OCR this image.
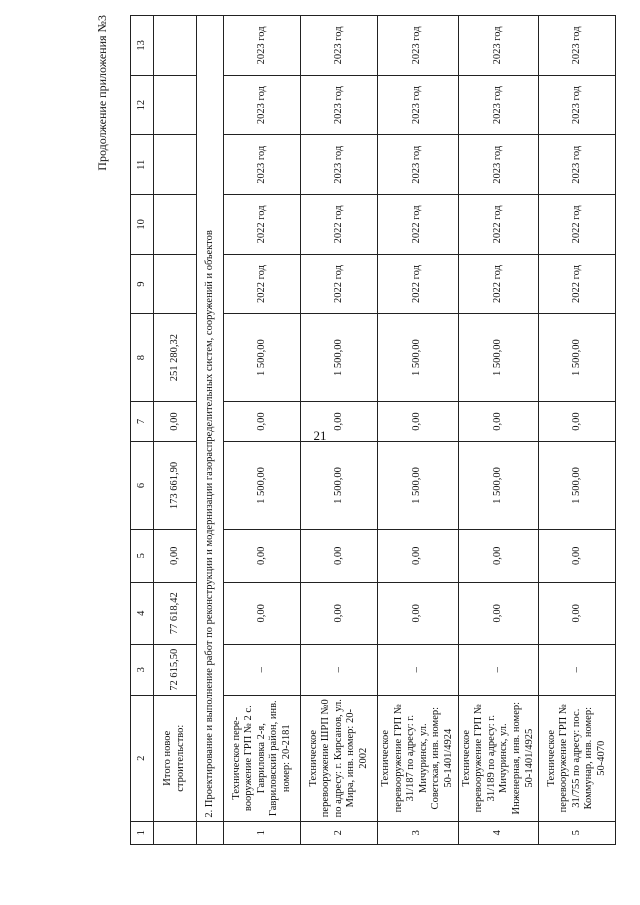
21
Продолжение приложения №3
1	2	3	4	5	6	7	8	9	10	11	12	13
	Итого новое строительство:	72 615,50	77 618,42	0,00	173 661,90	0,00	251 280,32					
	2. Проектирование и выполнение работ по реконструкции и модернизации газораспределительных систем, сооружений и объектов											
1	Техническое пере-вооружение ГРП № 2 с. Гавриловка 2-я, Гавриловский район, инв. номер: 20-2181	–	0,00	0,00	1 500,00	0,00	1 500,00	2022 год	2022 год	2023 год	2023 год	2023 год
2	Техническое перевооружение ШРП №0 по адресу: г. Кирсанов, ул. Мира, инв. номер: 20-2002	–	0,00	0,00	1 500,00	0,00	1 500,00	2022 год	2022 год	2023 год	2023 год	2023 год
3	Техническое перевооружение ГРП № 31/187 по адресу: г. Мичуринск, ул. Советская, инв. номер: 50-1401/4924	–	0,00	0,00	1 500,00	0,00	1 500,00	2022 год	2022 год	2023 год	2023 год	2023 год
4	Техническое перевооружение ГРП № 31/189 по адресу: г. Мичуринск, ул. Инженерная, инв. номер: 50-1401/4925	–	0,00	0,00	1 500,00	0,00	1 500,00	2022 год	2022 год	2023 год	2023 год	2023 год
5	Техническое перевооружение ГРП № 31/755 по адресу: пос. Коммунар, инв. номер: 50-4070	–	0,00	0,00	1 500,00	0,00	1 500,00	2022 год	2022 год	2023 год	2023 год	2023 год
